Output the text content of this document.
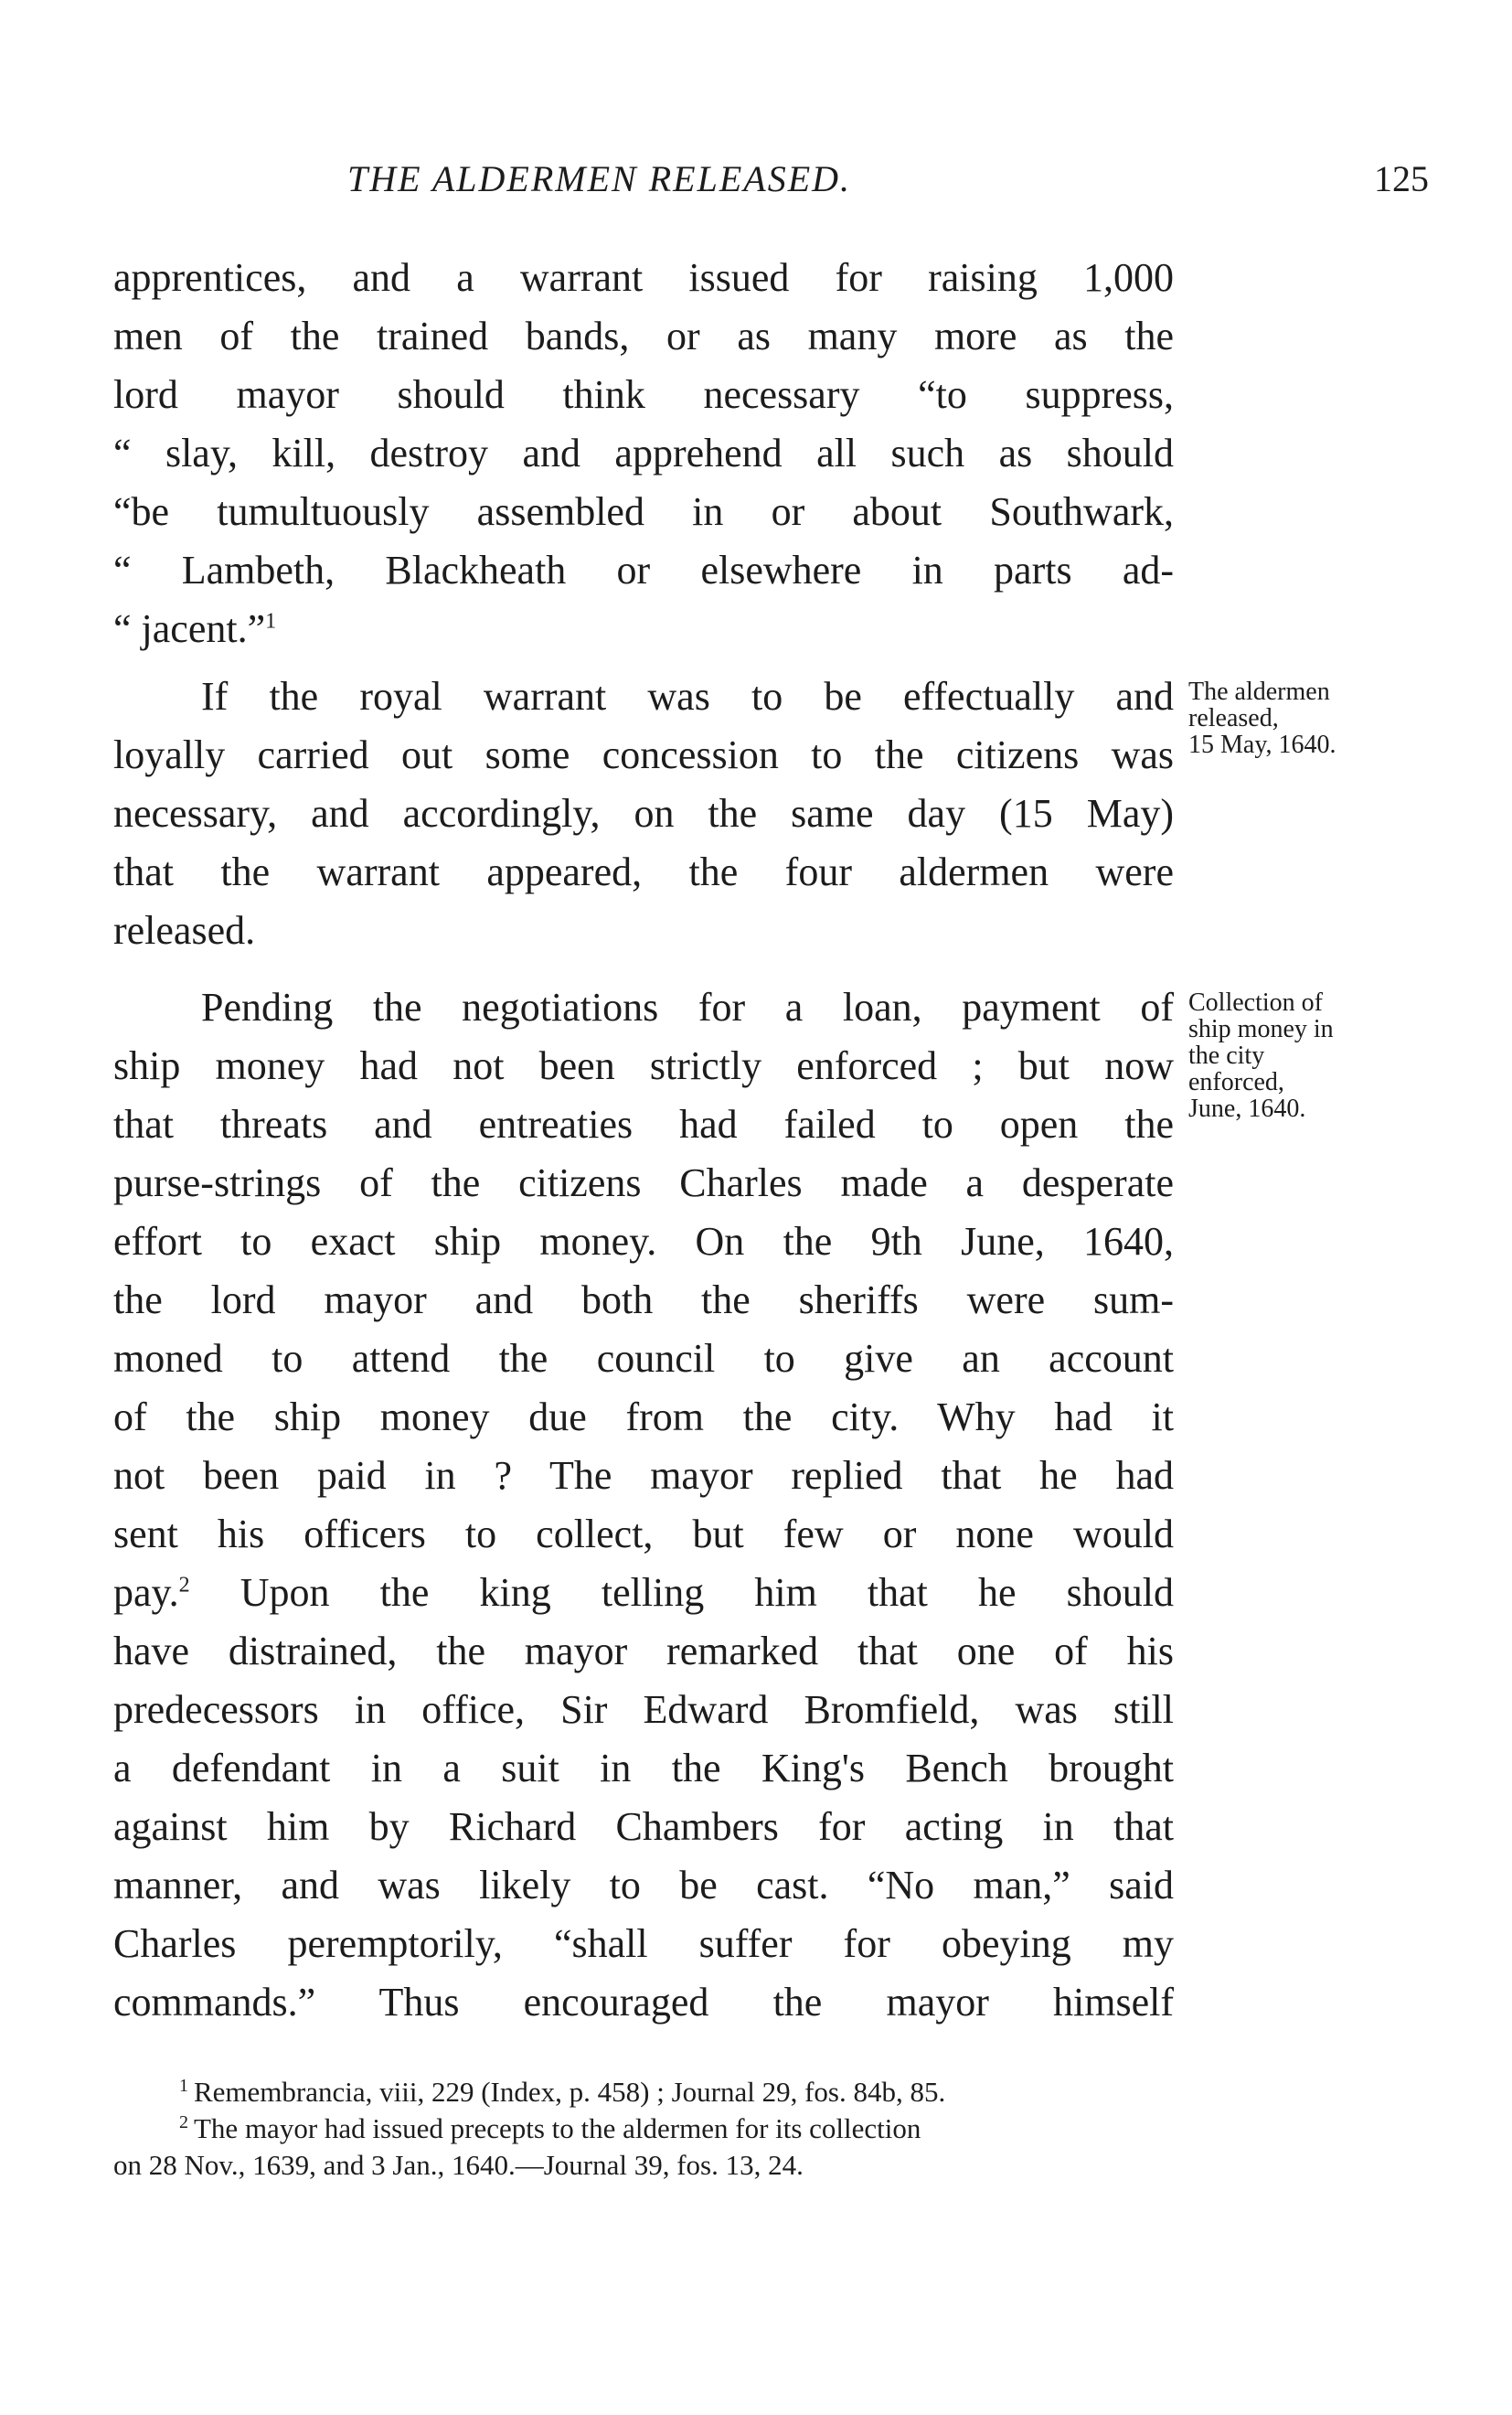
THE ALDERMEN RELEASED.	125
apprentices, and a warrant issued for raising 1,000
men of the trained bands, or as many more as the
lord mayor should think necessary “to suppress,
“ slay, kill, destroy and apprehend all such as should
“be tumultuously assembled in or about Southwark,
“ Lambeth, Blackheath or elsewhere in parts ad-
“ jacent.”$^1$
If the royal warrant was to be effectually and
loyally carried out some concession to the citizens was
necessary, and accordingly, on the same day (15 May)
that the warrant appeared, the four aldermen were
released.
Pending the negotiations for a loan, payment of
ship money had not been strictly enforced ; but now
that threats and entreaties had failed to open the
purse-strings of the citizens Charles made a desperate
effort to exact ship money. On the 9th June, 1640,
the lord mayor and both the sheriffs were sum-
moned to attend the council to give an account
of the ship money due from the city. Why had it
not been paid in ? The mayor replied that he had
sent his officers to collect, but few or none would
pay.$^2$ Upon the king telling him that he should
have distrained, the mayor remarked that one of his
predecessors in office, Sir Edward Bromfield, was still
a defendant in a suit in the King's Bench brought
against him by Richard Chambers for acting in that
manner, and was likely to be cast. “No man,” said
Charles peremptorily, “shall suffer for obeying my
commands.” Thus encouraged the mayor himself
The aldermen
released,
15 May, 1640.
Collection of
ship money in
the city
enforced,
June, 1640.
$^1$ Remembrancia, viii, 229 (Index, p. 458) ; Journal 29, fos. 84b, 85.
$^2$ The mayor had issued precepts to the aldermen for its collection
on 28 Nov., 1639, and 3 Jan., 1640.—Journal 39, fos. 13, 24.
